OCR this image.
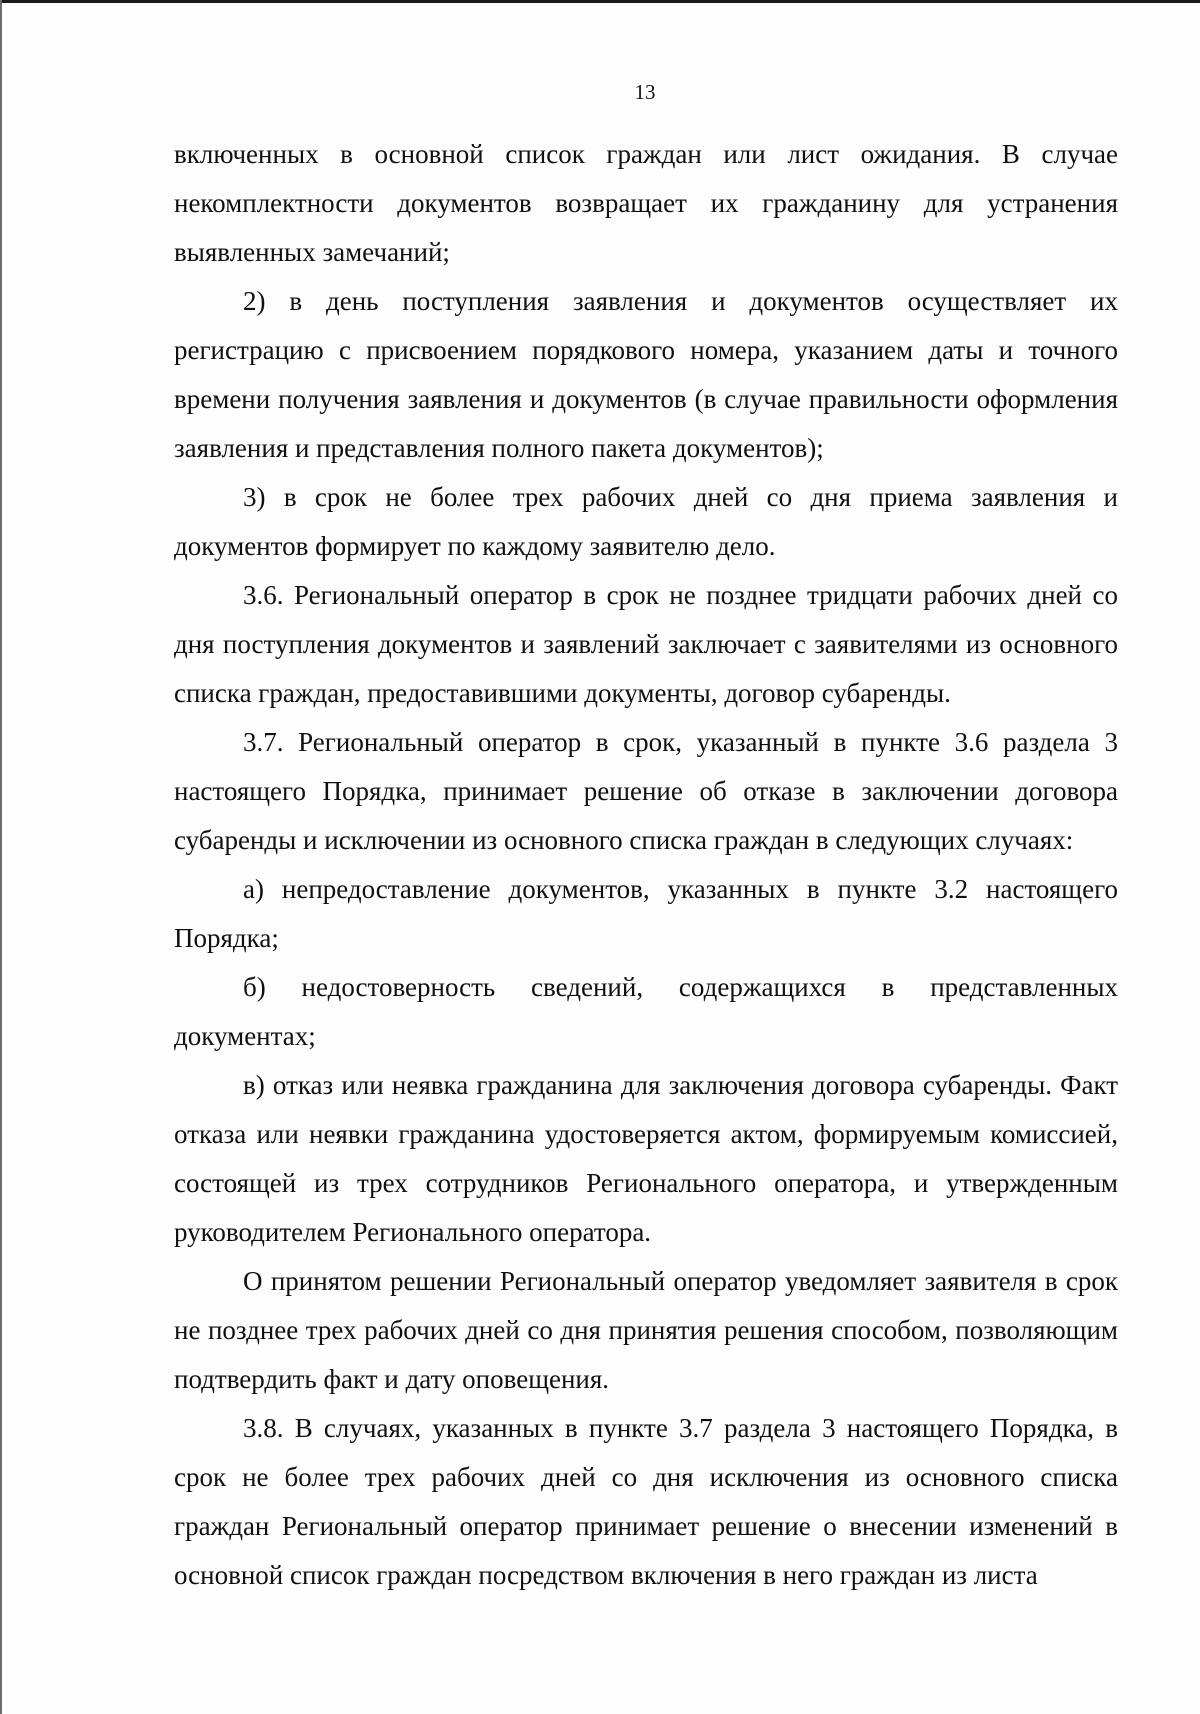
13

включенных в основной список граждан или лист ожидания. В случае некомплектности документов возвращает их гражданину для устранения выявленных замечаний;

2) в день поступления заявления и документов осуществляет их регистрацию с присвоением порядкового номера, указанием даты и точного времени получения заявления и документов (в случае правильности оформления заявления и представления полного пакета документов);

3) в срок не более трех рабочих дней со дня приема заявления и документов формирует по каждому заявителю дело.

3.6. Региональный оператор в срок не позднее тридцати рабочих дней со дня поступления документов и заявлений заключает с заявителями из основного списка граждан, предоставившими документы, договор субаренды.

3.7. Региональный оператор в срок, указанный в пункте 3.6 раздела 3 настоящего Порядка, принимает решение об отказе в заключении договора субаренды и исключении из основного списка граждан в следующих случаях:

а) непредоставление документов, указанных в пункте 3.2 настоящего Порядка;

б) недостоверность сведений, содержащихся в представленных документах;

в) отказ или неявка гражданина для заключения договора субаренды. Факт отказа или неявки гражданина удостоверяется актом, формируемым комиссией, состоящей из трех сотрудников Регионального оператора, и утвержденным руководителем Регионального оператора.

О принятом решении Региональный оператор уведомляет заявителя в срок не позднее трех рабочих дней со дня принятия решения способом, позволяющим подтвердить факт и дату оповещения.

3.8. В случаях, указанных в пункте 3.7 раздела 3 настоящего Порядка, в срок не более трех рабочих дней со дня исключения из основного списка граждан Региональный оператор принимает решение о внесении изменений в основной список граждан посредством включения в него граждан из листа
